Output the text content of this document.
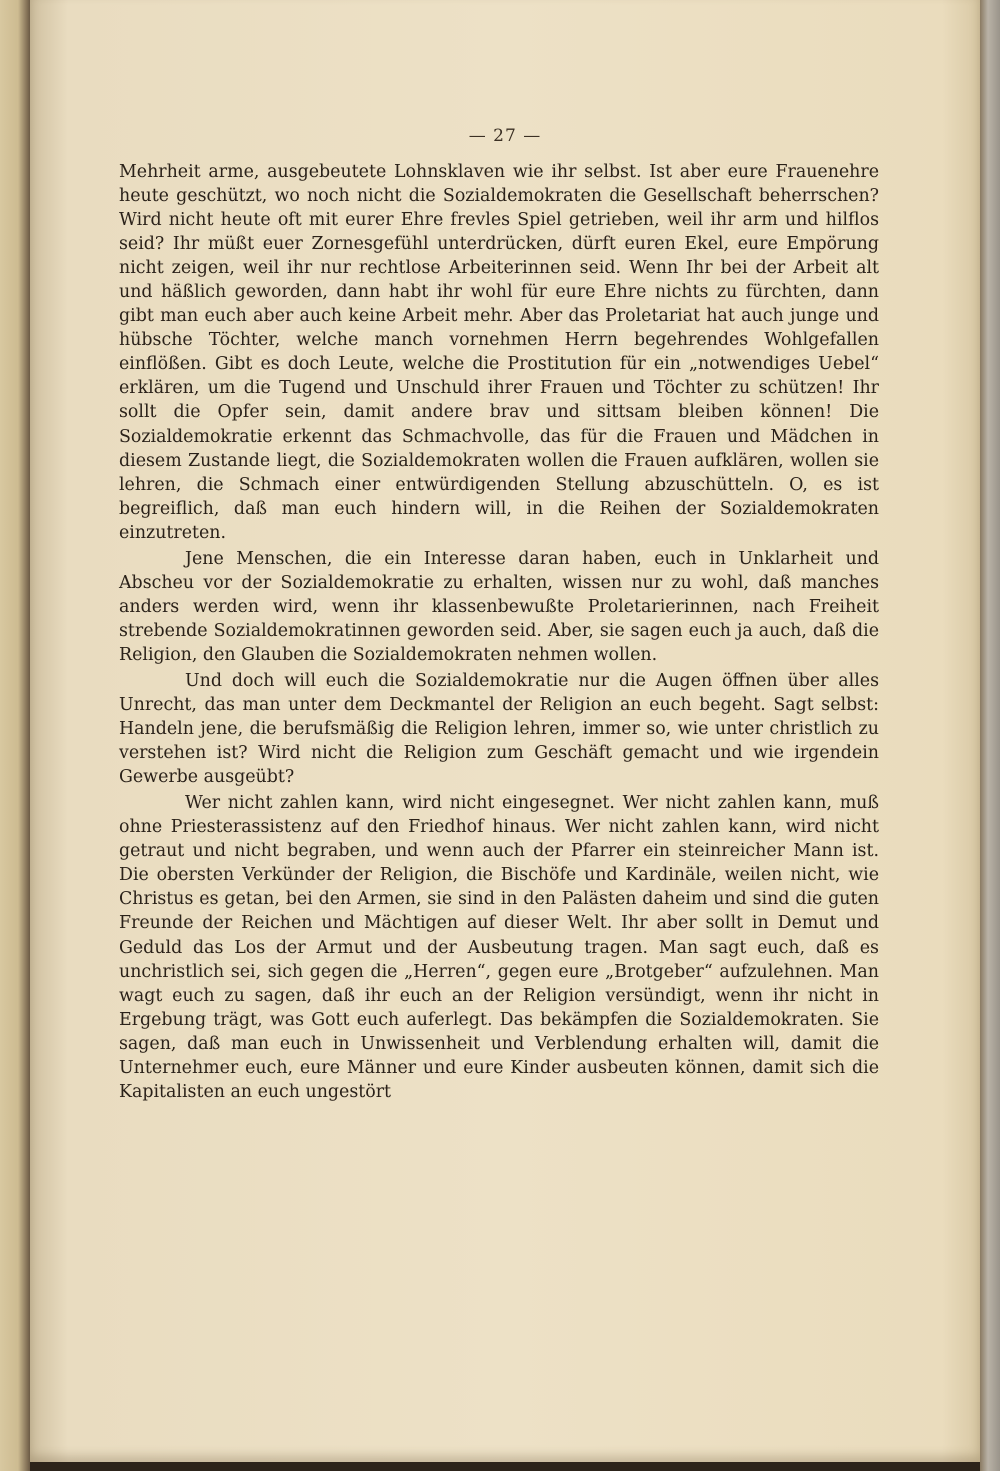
— 27 —

Mehrheit arme, ausgebeutete Lohnsklaven wie ihr selbst. Ist aber eure Frauenehre heute geschützt, wo noch nicht die Sozialdemokraten die Gesellschaft beherrschen? Wird nicht heute oft mit eurer Ehre frevles Spiel getrieben, weil ihr arm und hilflos seid? Ihr müßt euer Zornesgefühl unterdrücken, dürft euren Ekel, eure Empörung nicht zeigen, weil ihr nur rechtlose Arbeiterinnen seid. Wenn Ihr bei der Arbeit alt und häßlich geworden, dann habt ihr wohl für eure Ehre nichts zu fürchten, dann gibt man euch aber auch keine Arbeit mehr. Aber das Proletariat hat auch junge und hübsche Töchter, welche manch vornehmen Herrn begehrendes Wohlgefallen einflößen. Gibt es doch Leute, welche die Prostitution für ein „notwendiges Uebel“ erklären, um die Tugend und Unschuld ihrer Frauen und Töchter zu schützen! Ihr sollt die Opfer sein, damit andere brav und sittsam bleiben können! Die Sozialdemokratie erkennt das Schmachvolle, das für die Frauen und Mädchen in diesem Zustande liegt, die Sozialdemokraten wollen die Frauen aufklären, wollen sie lehren, die Schmach einer entwürdigenden Stellung abzuschütteln. O, es ist begreiflich, daß man euch hindern will, in die Reihen der Sozialdemokraten einzutreten.

Jene Menschen, die ein Interesse daran haben, euch in Unklarheit und Abscheu vor der Sozialdemokratie zu erhalten, wissen nur zu wohl, daß manches anders werden wird, wenn ihr klassenbewußte Proletarierinnen, nach Freiheit strebende Sozialdemokratinnen geworden seid. Aber, sie sagen euch ja auch, daß die Religion, den Glauben die Sozialdemokraten nehmen wollen.

Und doch will euch die Sozialdemokratie nur die Augen öffnen über alles Unrecht, das man unter dem Deckmantel der Religion an euch begeht. Sagt selbst: Handeln jene, die berufsmäßig die Religion lehren, immer so, wie unter christlich zu verstehen ist? Wird nicht die Religion zum Geschäft gemacht und wie irgendein Gewerbe ausgeübt?

Wer nicht zahlen kann, wird nicht eingesegnet. Wer nicht zahlen kann, muß ohne Priesterassistenz auf den Friedhof hinaus. Wer nicht zahlen kann, wird nicht getraut und nicht begraben, und wenn auch der Pfarrer ein steinreicher Mann ist. Die obersten Verkünder der Religion, die Bischöfe und Kardinäle, weilen nicht, wie Christus es getan, bei den Armen, sie sind in den Palästen daheim und sind die guten Freunde der Reichen und Mächtigen auf dieser Welt. Ihr aber sollt in Demut und Geduld das Los der Armut und der Ausbeutung tragen. Man sagt euch, daß es unchristlich sei, sich gegen die „Herren“, gegen eure „Brotgeber“ aufzulehnen. Man wagt euch zu sagen, daß ihr euch an der Religion versündigt, wenn ihr nicht in Ergebung trägt, was Gott euch auferlegt. Das bekämpfen die Sozialdemokraten. Sie sagen, daß man euch in Unwissenheit und Verblendung erhalten will, damit die Unternehmer euch, eure Männer und eure Kinder ausbeuten können, damit sich die Kapitalisten an euch ungestört
